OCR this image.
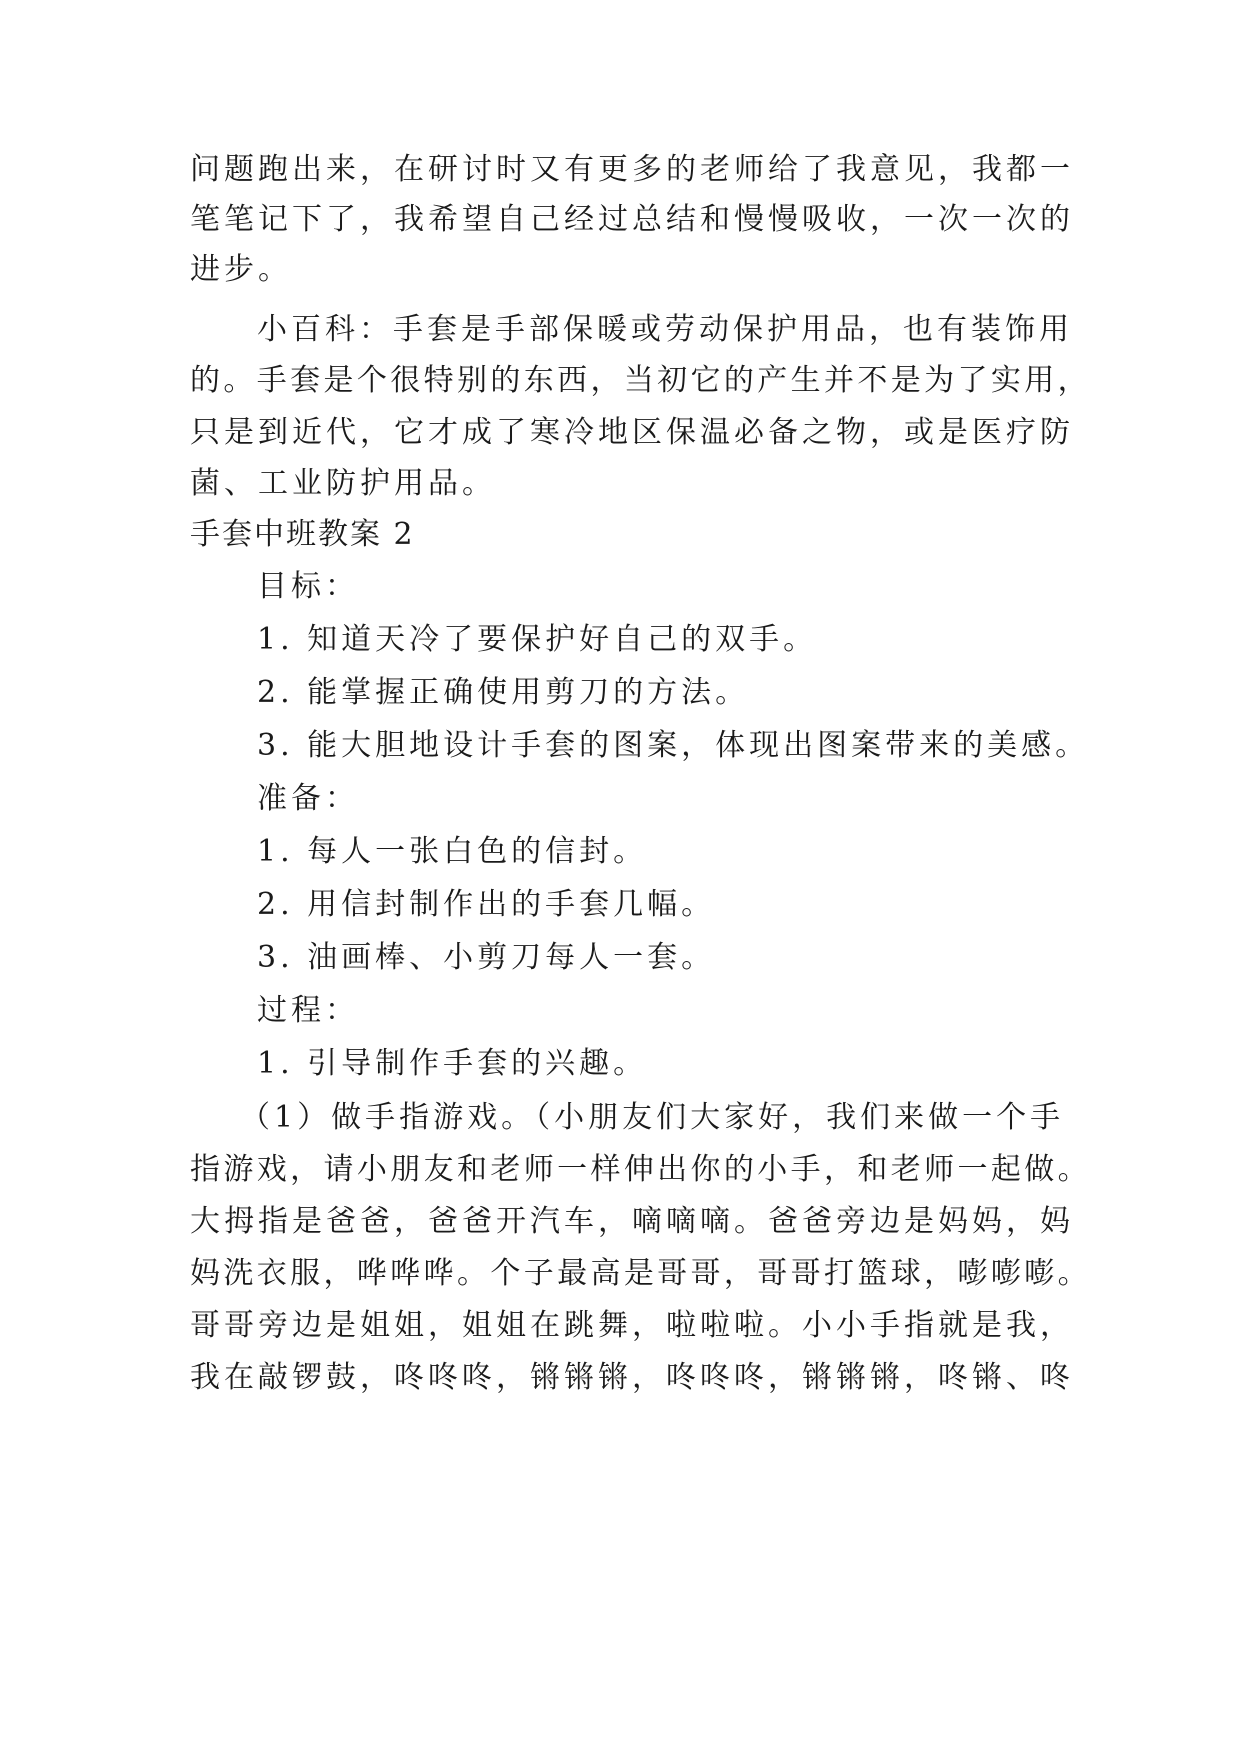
问题跑出来，在研讨时又有更多的老师给了我意见，我都一
笔笔记下了，我希望自己经过总结和慢慢吸收，一次一次的
进步。
小百科：手套是手部保暖或劳动保护用品，也有装饰用
的。手套是个很特别的东西，当初它的产生并不是为了实用，
只是到近代，它才成了寒冷地区保温必备之物，或是医疗防
菌、工业防护用品。
手套中班教案 2
目标：
1. 知道天冷了要保护好自己的双手。
2. 能掌握正确使用剪刀的方法。
3. 能大胆地设计手套的图案，体现出图案带来的美感。
准备：
1. 每人一张白色的信封。
2. 用信封制作出的手套几幅。
3. 油画棒、小剪刀每人一套。
过程：
1. 引导制作手套的兴趣。
（1）做手指游戏。（小朋友们大家好，我们来做一个手
指游戏，请小朋友和老师一样伸出你的小手，和老师一起做。
大拇指是爸爸，爸爸开汽车，嘀嘀嘀。爸爸旁边是妈妈，妈
妈洗衣服，哗哗哗。个子最高是哥哥，哥哥打篮球，嘭嘭嘭。
哥哥旁边是姐姐，姐姐在跳舞，啦啦啦。小小手指就是我，
我在敲锣鼓，咚咚咚，锵锵锵，咚咚咚，锵锵锵，咚锵、咚
